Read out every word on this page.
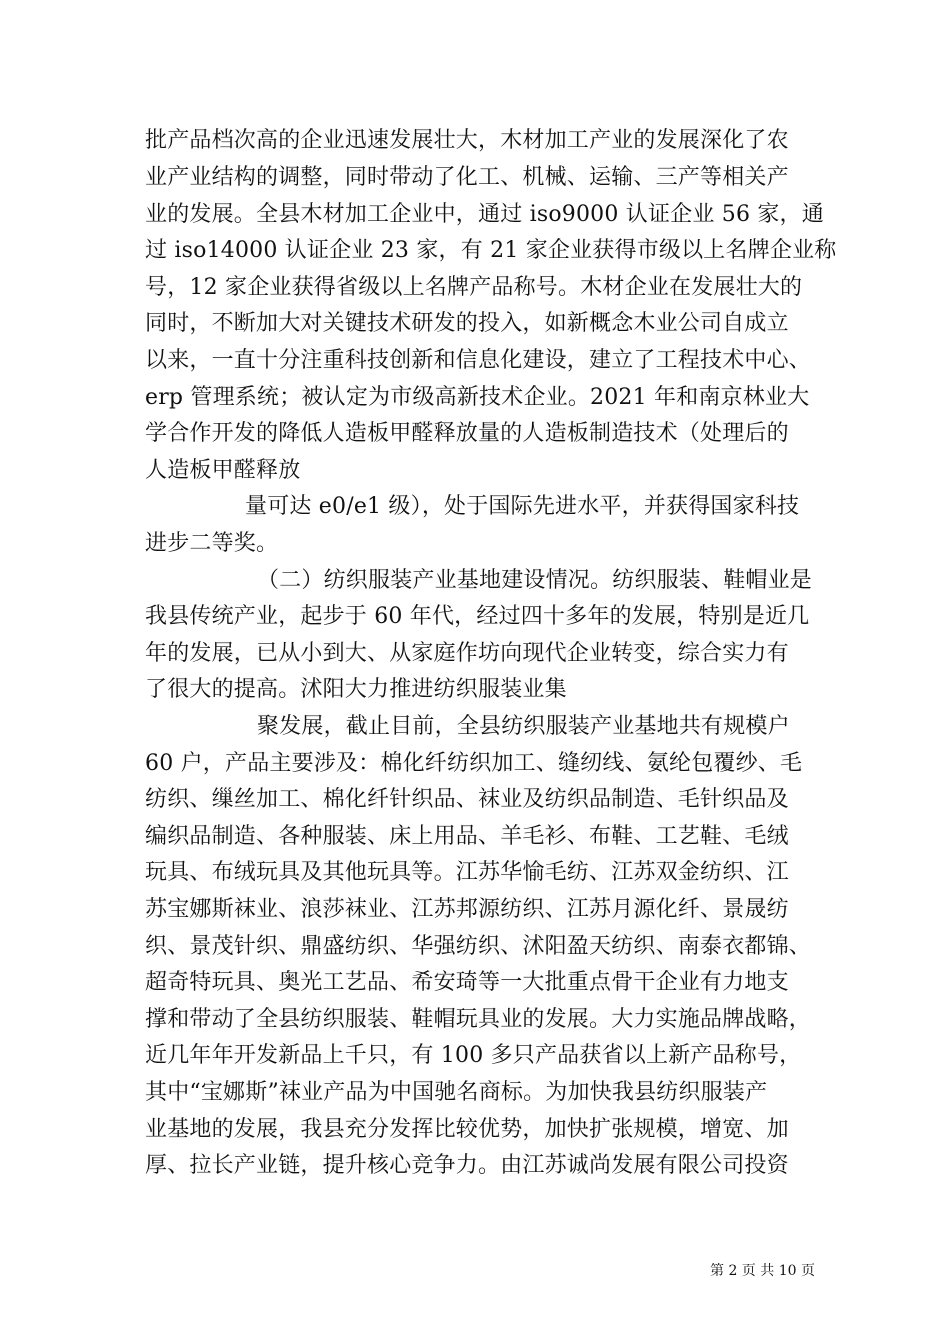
批产品档次高的企业迅速发展壮大，木材加工产业的发展深化了农
业产业结构的调整，同时带动了化工、机械、运输、三产等相关产
业的发展。全县木材加工企业中，通过 iso9000 认证企业 56 家，通
过 iso14000 认证企业 23 家，有 21 家企业获得市级以上名牌企业称
号，12 家企业获得省级以上名牌产品称号。木材企业在发展壮大的
同时，不断加大对关键技术研发的投入，如新概念木业公司自成立
以来，一直十分注重科技创新和信息化建设，建立了工程技术中心、
erp 管理系统；被认定为市级高新技术企业。2021 年和南京林业大
学合作开发的降低人造板甲醛释放量的人造板制造技术（处理后的
人造板甲醛释放
量可达 e0/e1 级），处于国际先进水平，并获得国家科技
进步二等奖。
（二）纺织服装产业基地建设情况。纺织服装、鞋帽业是
我县传统产业，起步于 60 年代，经过四十多年的发展，特别是近几
年的发展，已从小到大、从家庭作坊向现代企业转变，综合实力有
了很大的提高。沭阳大力推进纺织服装业集
聚发展，截止目前，全县纺织服装产业基地共有规模户
60 户，产品主要涉及：棉化纤纺织加工、缝纫线、氨纶包覆纱、毛
纺织、缫丝加工、棉化纤针织品、袜业及纺织品制造、毛针织品及
编织品制造、各种服装、床上用品、羊毛衫、布鞋、工艺鞋、毛绒
玩具、布绒玩具及其他玩具等。江苏华愉毛纺、江苏双金纺织、江
苏宝娜斯袜业、浪莎袜业、江苏邦源纺织、江苏月源化纤、景晟纺
织、景茂针织、鼎盛纺织、华强纺织、沭阳盈天纺织、南泰衣都锦、
超奇特玩具、奥光工艺品、希安琦等一大批重点骨干企业有力地支
撑和带动了全县纺织服装、鞋帽玩具业的发展。大力实施品牌战略，
近几年年开发新品上千只，有 100 多只产品获省以上新产品称号，
其中“宝娜斯”袜业产品为中国驰名商标。为加快我县纺织服装产
业基地的发展，我县充分发挥比较优势，加快扩张规模，增宽、加
厚、拉长产业链，提升核心竞争力。由江苏诚尚发展有限公司投资
第 2 页 共 10 页
